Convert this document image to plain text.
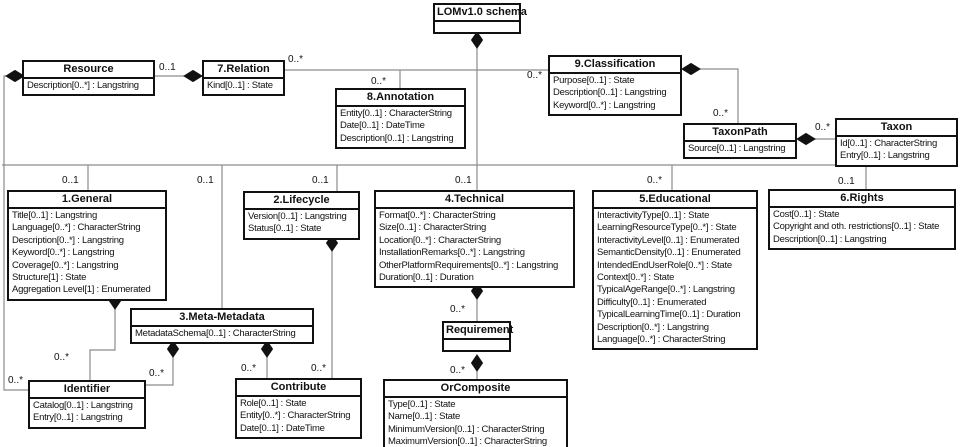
LOMv1.0 schema
Resource
Description[0..*] : Langstring
7.Relation
Kind[0..1] : State
8.Annotation
Entity[0..1] : CharacterString
Date[0..1] : DateTime
Description[0..1] : Langstring
9.Classification
Purpose[0..1] : State
Description[0..1] : Langstring
Keyword[0..*] : Langstring
TaxonPath
Source[0..1] : Langstring
Taxon
Id[0..1] : CharacterString
Entry[0..1] : Langstring
1.General
Title[0..1] : Langstring
Language[0..*] : CharacterString
Description[0..*] : Langstring
Keyword[0..*] : Langstring
Coverage[0..*] : Langstring
Structure[1] : State
Aggregation Level[1] : Enumerated
2.Lifecycle
Version[0..1] : Langstring
Status[0..1] : State
4.Technical
Format[0..*] : CharacterString
Size[0..1] : CharacterString
Location[0..*] : CharacterString
InstallationRemarks[0..*] : Langstring
OtherPlatformRequirements[0..*] : Langstring
Duration[0..1] : Duration
5.Educational
InteractivityType[0..1] : State
LearningResourceType[0..*] : State
InteractivityLevel[0..1] : Enumerated
SemanticDensity[0..1] : Enumerated
IntendedEndUserRole[0..*] : State
Context[0..*] : State
TypicalAgeRange[0..*] : Langstring
Difficulty[0..1] : Enumerated
TypicalLearningTime[0..1] : Duration
Description[0..*] : Langstring
Language[0..*] : CharacterString
6.Rights
Cost[0..1] : State
Copyright and oth. restrictions[0..1] : State
Description[0..1] : Langstring
3.Meta-Metadata
MetadataSchema[0..1] : CharacterString
Identifier
Catalog[0..1] : Langstring
Entry[0..1] : Langstring
Contribute
Role[0..1] : State
Entity[0..*] : CharacterString
Date[0..1] : DateTime
Requirement
OrComposite
Type[0..1] : State
Name[0..1] : State
MinimumVersion[0..1] : CharacterString
MaximumVersion[0..1] : CharacterString
0..1
0..*
0..*
0..*
0..*
0..*
0..1	0..1	0..1	0..1	0..*	0..1
0..*
0..*
0..*	0..*	0..*
0..*
0..*
